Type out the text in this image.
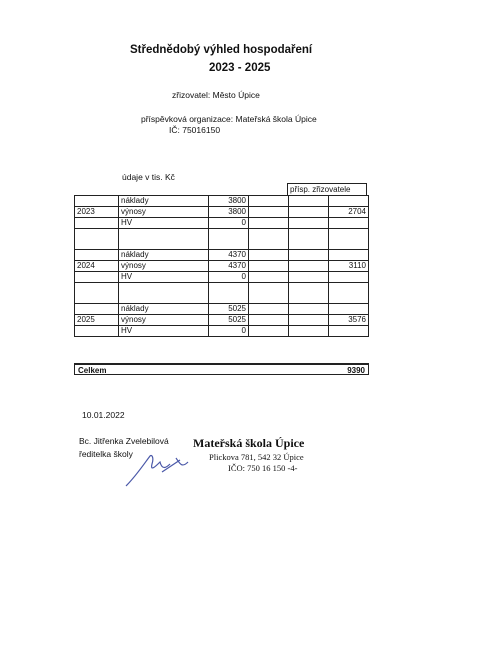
Střednědobý výhled hospodaření
2023 - 2025
zřizovatel: Město Úpice
příspěvková organizace: Mateřská škola Úpice
IČ: 75016150
údaje v tis. Kč
přísp. zřizovatele
	náklady	3800			
2023	výnosy	3800			2704
	HV	0			

	náklady	4370			
2024	výnosy	4370			3110
	HV	0			

	náklady	5025			
2025	výnosy	5025			3576
	HV	0			
Celkem	9390
10.01.2022
Bc. Jitřenka Zvelebilová
ředitelka školy
Mateřská škola Úpice
Plickova 781, 542 32 Úpice
IČO: 750 16 150 -4-
